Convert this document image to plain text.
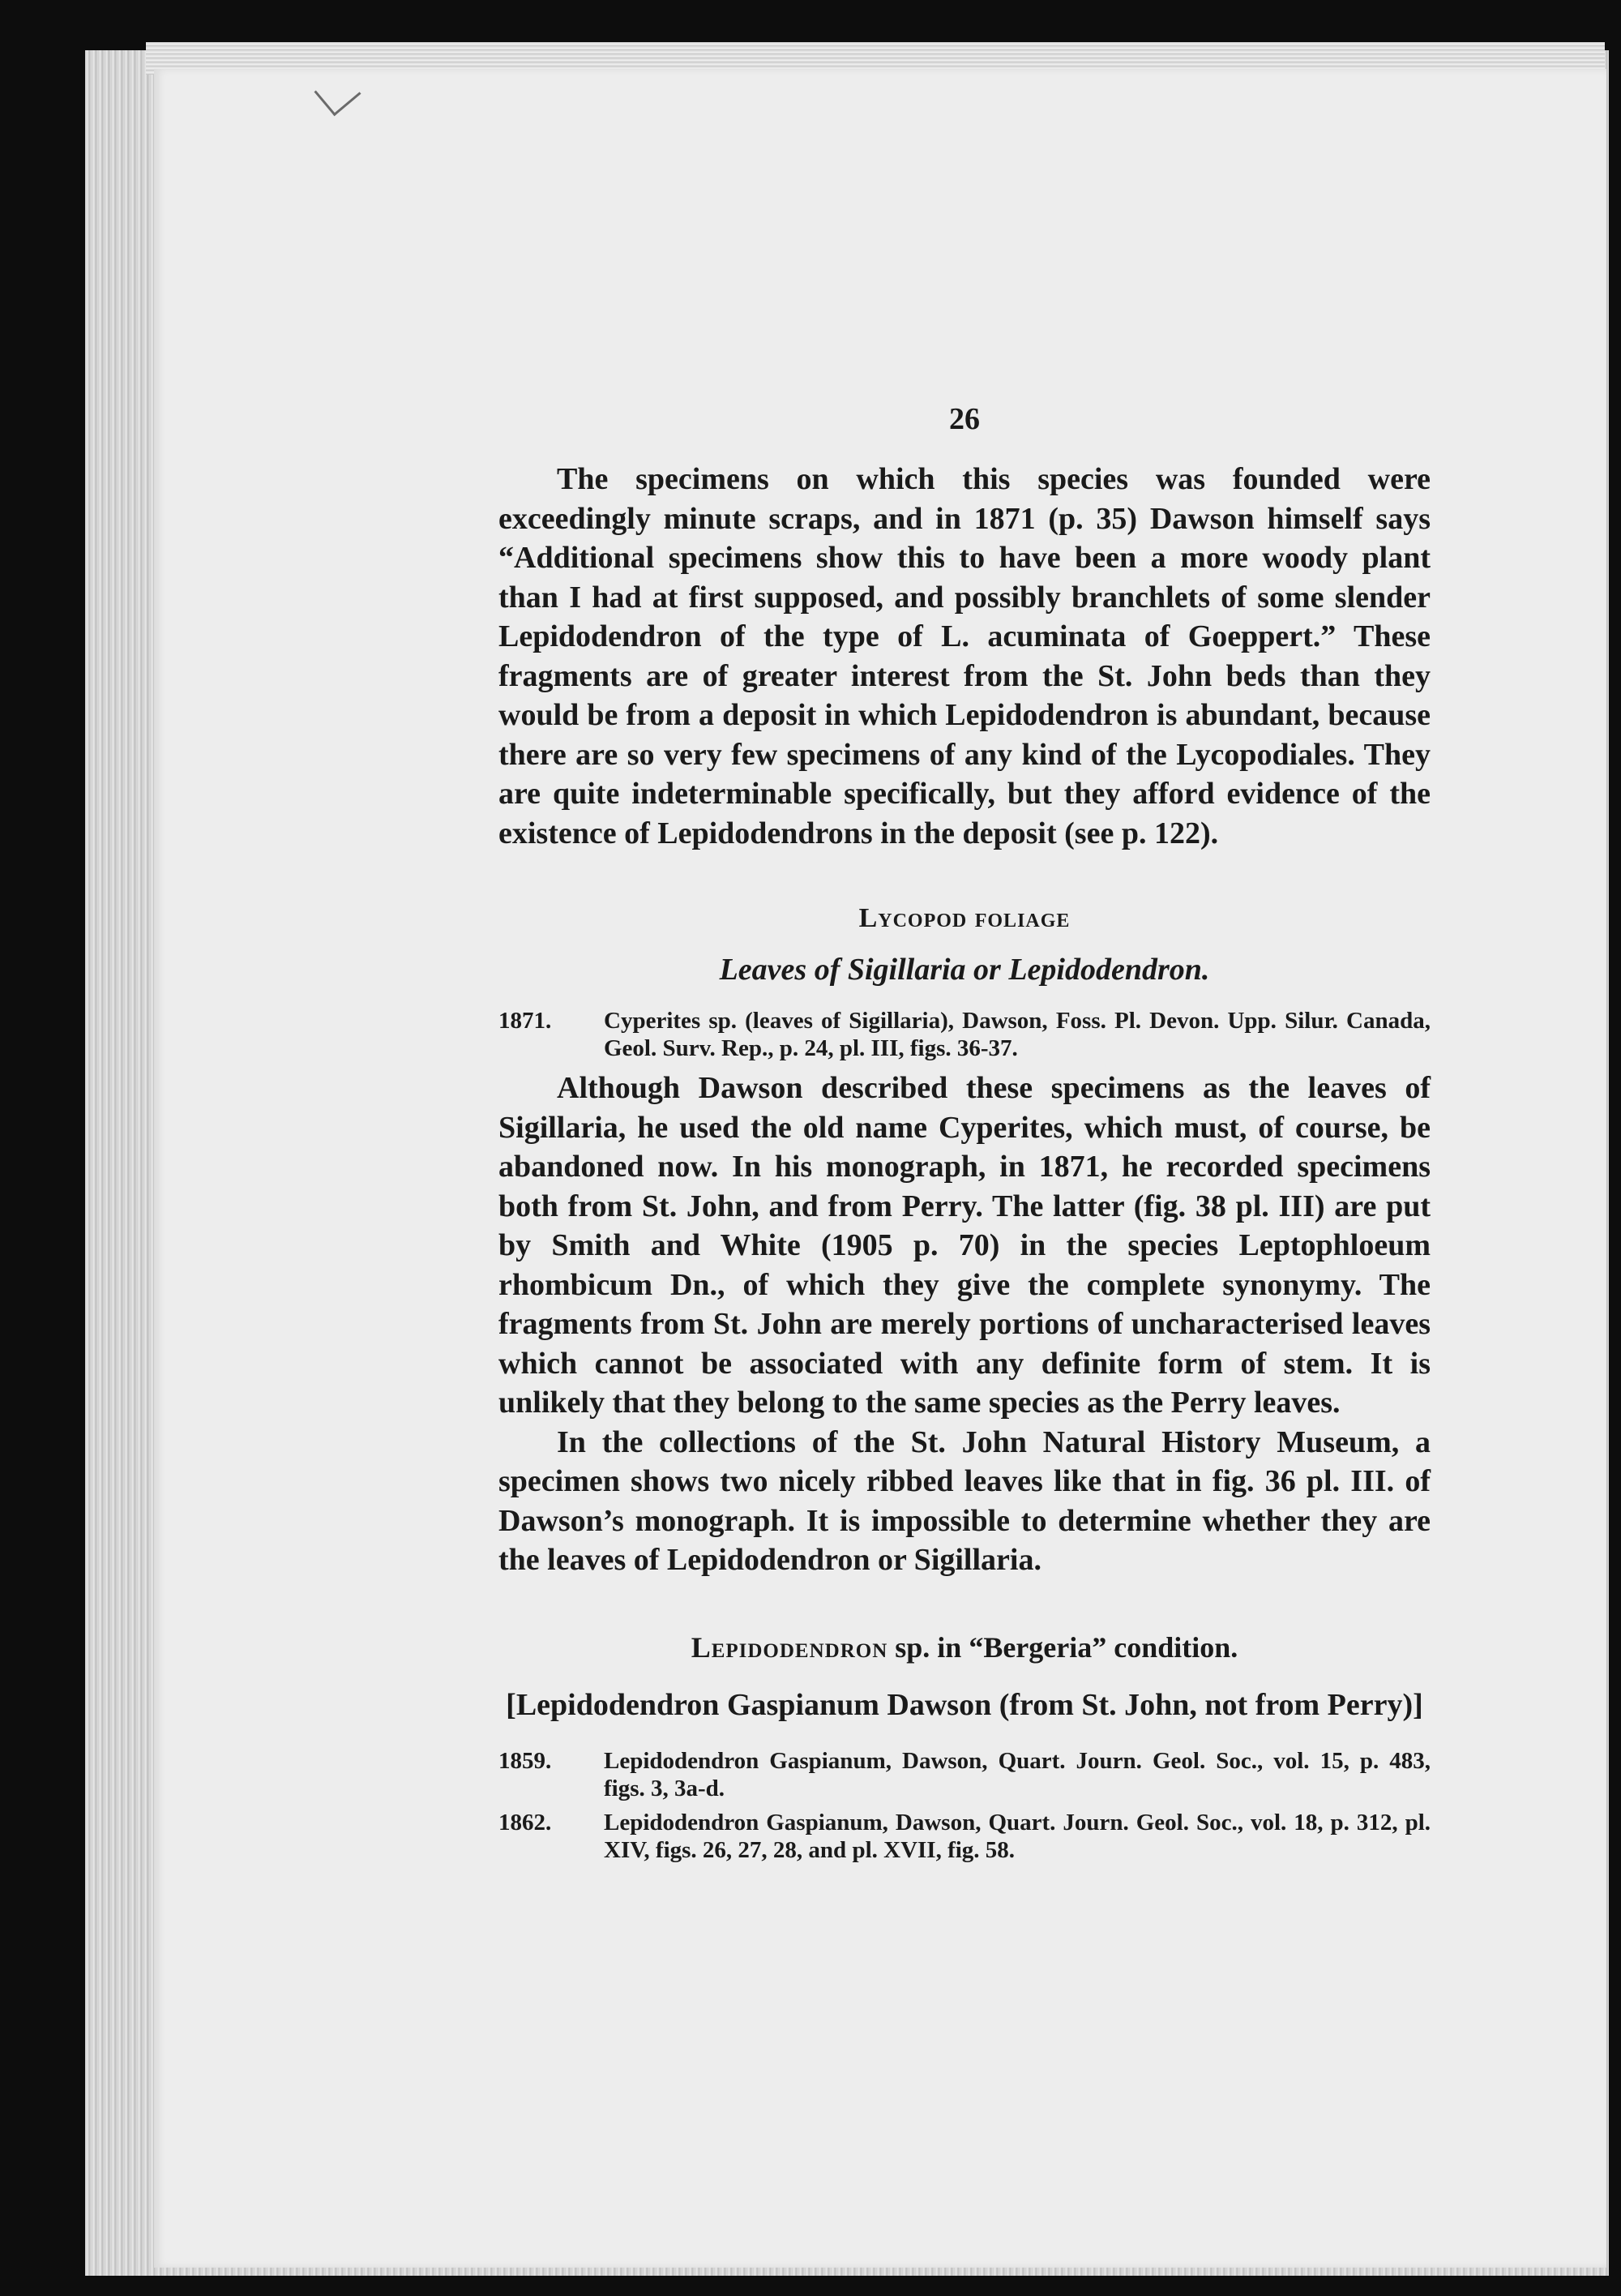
26

The specimens on which this species was founded were exceedingly minute scraps, and in 1871 (p. 35) Dawson himself says “Additional specimens show this to have been a more woody plant than I had at first supposed, and possibly branchlets of some slender Lepidodendron of the type of L. acuminata of Goeppert.” These fragments are of greater interest from the St. John beds than they would be from a deposit in which Lepidodendron is abundant, because there are so very few specimens of any kind of the Lycopodiales. They are quite indeterminable specifically, but they afford evidence of the existence of Lepidodendrons in the deposit (see p. 122).

Lycopod foliage
Leaves of Sigillaria or Lepidodendron.
1871. Cyperites sp. (leaves of Sigillaria), Dawson, Foss. Pl. Devon. Upp. Silur. Canada, Geol. Surv. Rep., p. 24, pl. III, figs. 36-37.

Although Dawson described these specimens as the leaves of Sigillaria, he used the old name Cyperites, which must, of course, be abandoned now. In his monograph, in 1871, he recorded specimens both from St. John, and from Perry. The latter (fig. 38 pl. III) are put by Smith and White (1905 p. 70) in the species Leptophloeum rhombicum Dn., of which they give the complete synonymy. The fragments from St. John are merely portions of uncharacterised leaves which cannot be associated with any definite form of stem. It is unlikely that they belong to the same species as the Perry leaves.

In the collections of the St. John Natural History Museum, a specimen shows two nicely ribbed leaves like that in fig. 36 pl. III. of Dawson’s monograph. It is impossible to determine whether they are the leaves of Lepidodendron or Sigillaria.

Lepidodendron sp. in “Bergeria” condition.
[Lepidodendron Gaspianum Dawson (from St. John, not from Perry)]
1859. Lepidodendron Gaspianum, Dawson, Quart. Journ. Geol. Soc., vol. 15, p. 483, figs. 3, 3a-d.
1862. Lepidodendron Gaspianum, Dawson, Quart. Journ. Geol. Soc., vol. 18, p. 312, pl. XIV, figs. 26, 27, 28, and pl. XVII, fig. 58.
